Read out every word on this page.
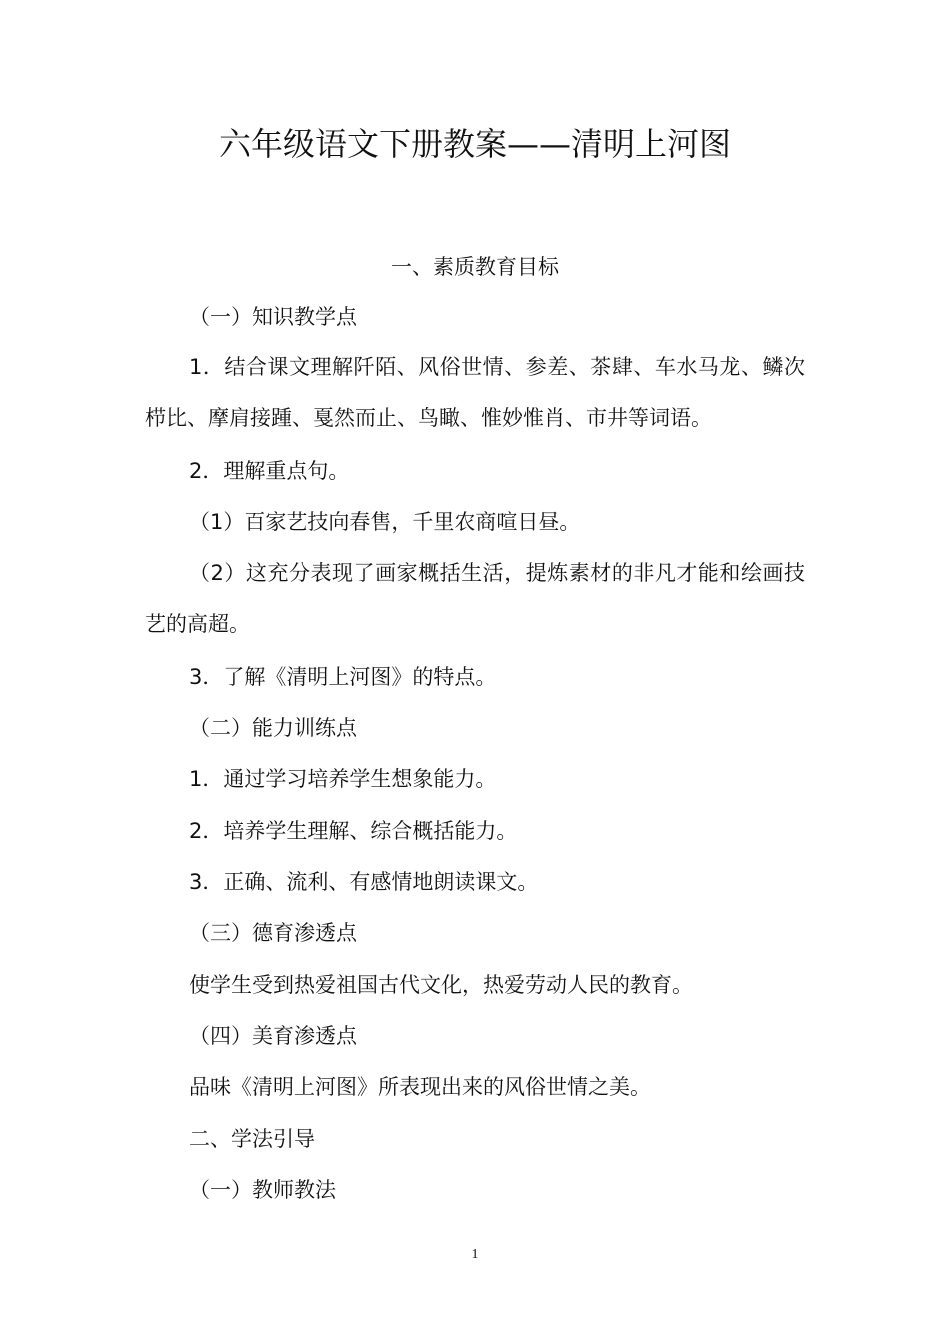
六年级语文下册教案——清明上河图
一、素质教育目标
（一）知识教学点
1．结合课文理解阡陌、风俗世情、参差、茶肆、车水马龙、鳞次栉比、摩肩接踵、戛然而止、鸟瞰、惟妙惟肖、市井等词语。
2．理解重点句。
（1）百家艺技向春售，千里农商喧日昼。
（2）这充分表现了画家概括生活，提炼素材的非凡才能和绘画技艺的高超。
3．了解《清明上河图》的特点。
（二）能力训练点
1．通过学习培养学生想象能力。
2．培养学生理解、综合概括能力。
3．正确、流利、有感情地朗读课文。
（三）德育渗透点
使学生受到热爱祖国古代文化，热爱劳动人民的教育。
（四）美育渗透点
品味《清明上河图》所表现出来的风俗世情之美。
二、学法引导
（一）教师教法
1
